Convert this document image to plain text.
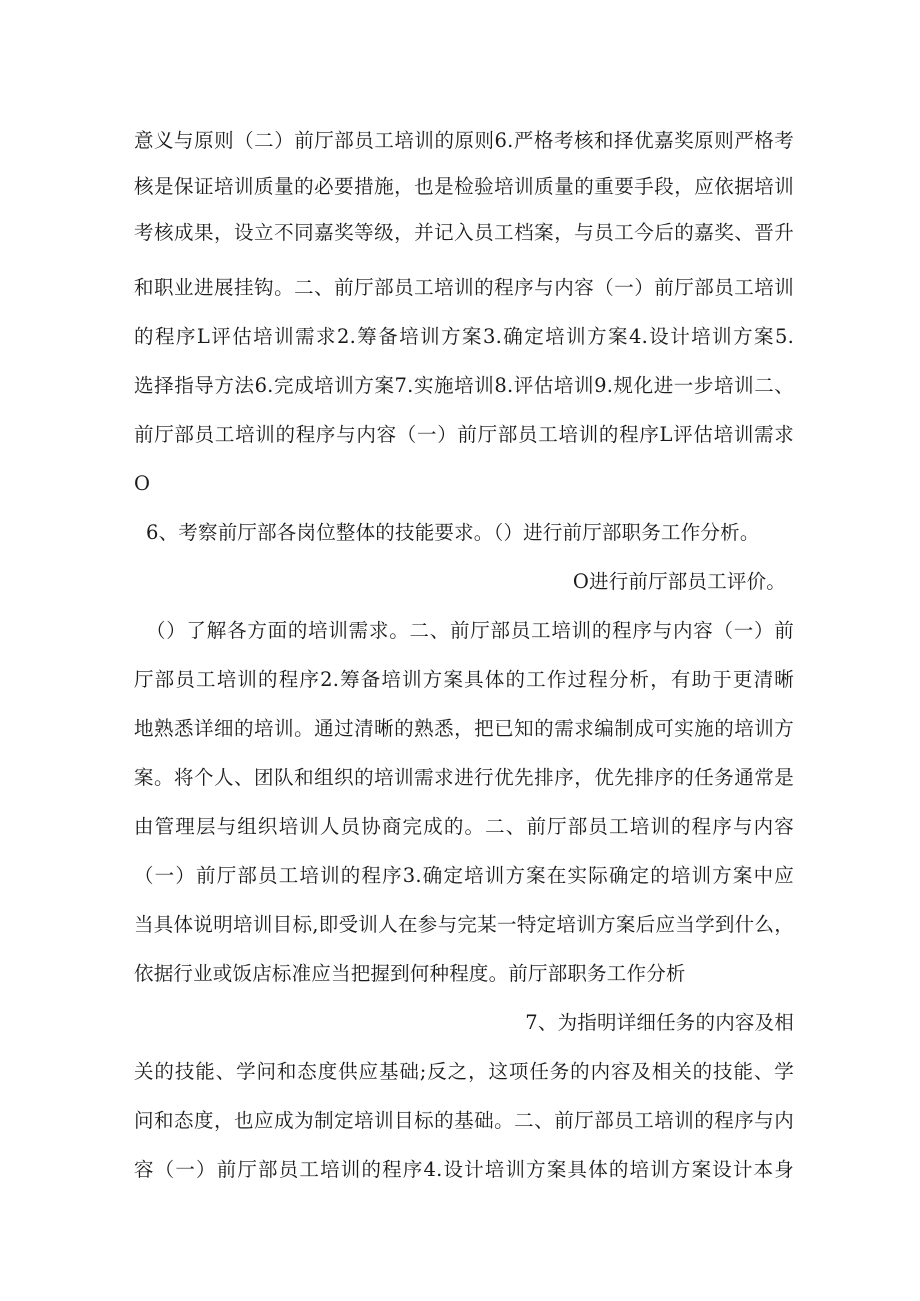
意义与原则（二）前厅部员工培训的原则6.严格考核和择优嘉奖原则严格考
核是保证培训质量的必要措施，也是检验培训质量的重要手段，应依据培训
考核成果，设立不同嘉奖等级，并记入员工档案，与员工今后的嘉奖、晋升
和职业进展挂钩。二、前厅部员工培训的程序与内容（一）前厅部员工培训
的程序L评估培训需求2.筹备培训方案3.确定培训方案4.设计培训方案5.
选择指导方法6.完成培训方案7.实施培训8.评估培训9.规化进一步培训二、
前厅部员工培训的程序与内容（一）前厅部员工培训的程序L评估培训需求
O
6、考察前厅部各岗位整体的技能要求。（）进行前厅部职务工作分析。
O进行前厅部员工评价。
（）了解各方面的培训需求。二、前厅部员工培训的程序与内容（一）前
厅部员工培训的程序2.筹备培训方案具体的工作过程分析，有助于更清晰
地熟悉详细的培训。通过清晰的熟悉，把已知的需求编制成可实施的培训方
案。将个人、团队和组织的培训需求进行优先排序，优先排序的任务通常是
由管理层与组织培训人员协商完成的。二、前厅部员工培训的程序与内容
（一）前厅部员工培训的程序3.确定培训方案在实际确定的培训方案中应
当具体说明培训目标,即受训人在参与完某一特定培训方案后应当学到什么，
依据行业或饭店标准应当把握到何种程度。前厅部职务工作分析
7、为指明详细任务的内容及相
关的技能、学问和态度供应基础;反之，这项任务的内容及相关的技能、学
问和态度，也应成为制定培训目标的基础。二、前厅部员工培训的程序与内
容（一）前厅部员工培训的程序4.设计培训方案具体的培训方案设计本身
